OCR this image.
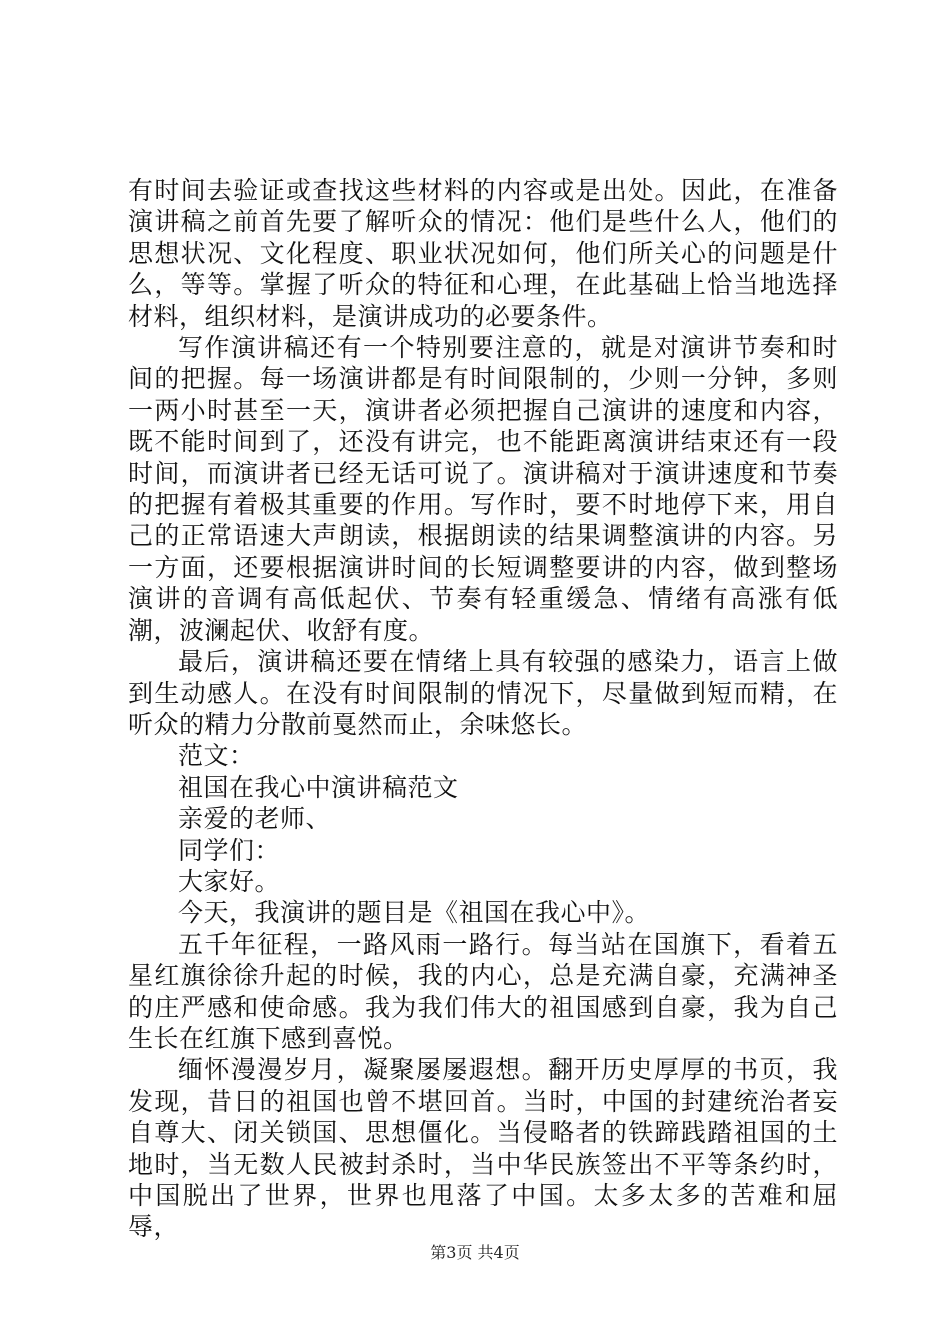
有时间去验证或查找这些材料的内容或是出处。因此，在准备演讲稿之前首先要了解听众的情况：他们是些什么人，他们的思想状况、文化程度、职业状况如何，他们所关心的问题是什么，等等。掌握了听众的特征和心理，在此基础上恰当地选择材料，组织材料，是演讲成功的必要条件。

写作演讲稿还有一个特别要注意的，就是对演讲节奏和时间的把握。每一场演讲都是有时间限制的，少则一分钟，多则一两小时甚至一天，演讲者必须把握自己演讲的速度和内容，既不能时间到了，还没有讲完，也不能距离演讲结束还有一段时间，而演讲者已经无话可说了。演讲稿对于演讲速度和节奏的把握有着极其重要的作用。写作时，要不时地停下来，用自己的正常语速大声朗读，根据朗读的结果调整演讲的内容。另一方面，还要根据演讲时间的长短调整要讲的内容，做到整场演讲的音调有高低起伏、节奏有轻重缓急、情绪有高涨有低潮，波澜起伏、收舒有度。

最后，演讲稿还要在情绪上具有较强的感染力，语言上做到生动感人。在没有时间限制的情况下，尽量做到短而精，在听众的精力分散前戛然而止，余味悠长。

范文：

祖国在我心中演讲稿范文

亲爱的老师、

同学们：

大家好。

今天，我演讲的题目是《祖国在我心中》。

五千年征程，一路风雨一路行。每当站在国旗下，看着五星红旗徐徐升起的时候，我的内心，总是充满自豪，充满神圣的庄严感和使命感。我为我们伟大的祖国感到自豪，我为自己生长在红旗下感到喜悦。

缅怀漫漫岁月，凝聚屡屡遐想。翻开历史厚厚的书页，我发现，昔日的祖国也曾不堪回首。当时，中国的封建统治者妄自尊大、闭关锁国、思想僵化。当侵略者的铁蹄践踏祖国的土地时，当无数人民被封杀时，当中华民族签出不平等条约时，中国脱出了世界，世界也甩落了中国。太多太多的苦难和屈辱，

第3页 共4页
